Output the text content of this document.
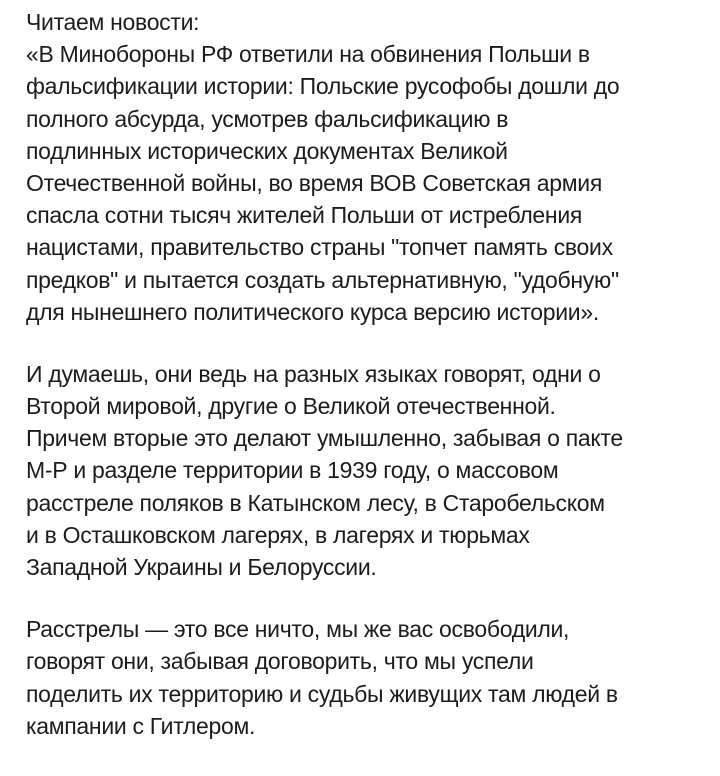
Читаем новости:
«В Минобороны РФ ответили на обвинения Польши в
фальсификации истории: Польские русофобы дошли до
полного абсурда, усмотрев фальсификацию в
подлинных исторических документах Великой
Отечественной войны, во время ВОВ Советская армия
спасла сотни тысяч жителей Польши от истребления
нацистами, правительство страны "топчет память своих
предков" и пытается создать альтернативную, "удобную"
для нынешнего политического курса версию истории».

И думаешь, они ведь на разных языках говорят, одни о
Второй мировой, другие о Великой отечественной.
Причем вторые это делают умышленно, забывая о пакте
М-Р и разделе территории в 1939 году, о массовом
расстреле поляков в Катынском лесу, в Старобельском
и в Осташковском лагерях, в лагерях и тюрьмах
Западной Украины и Белоруссии.

Расстрелы — это все ничто, мы же вас освободили,
говорят они, забывая договорить, что мы успели
поделить их территорию и судьбы живущих там людей в
кампании с Гитлером.
